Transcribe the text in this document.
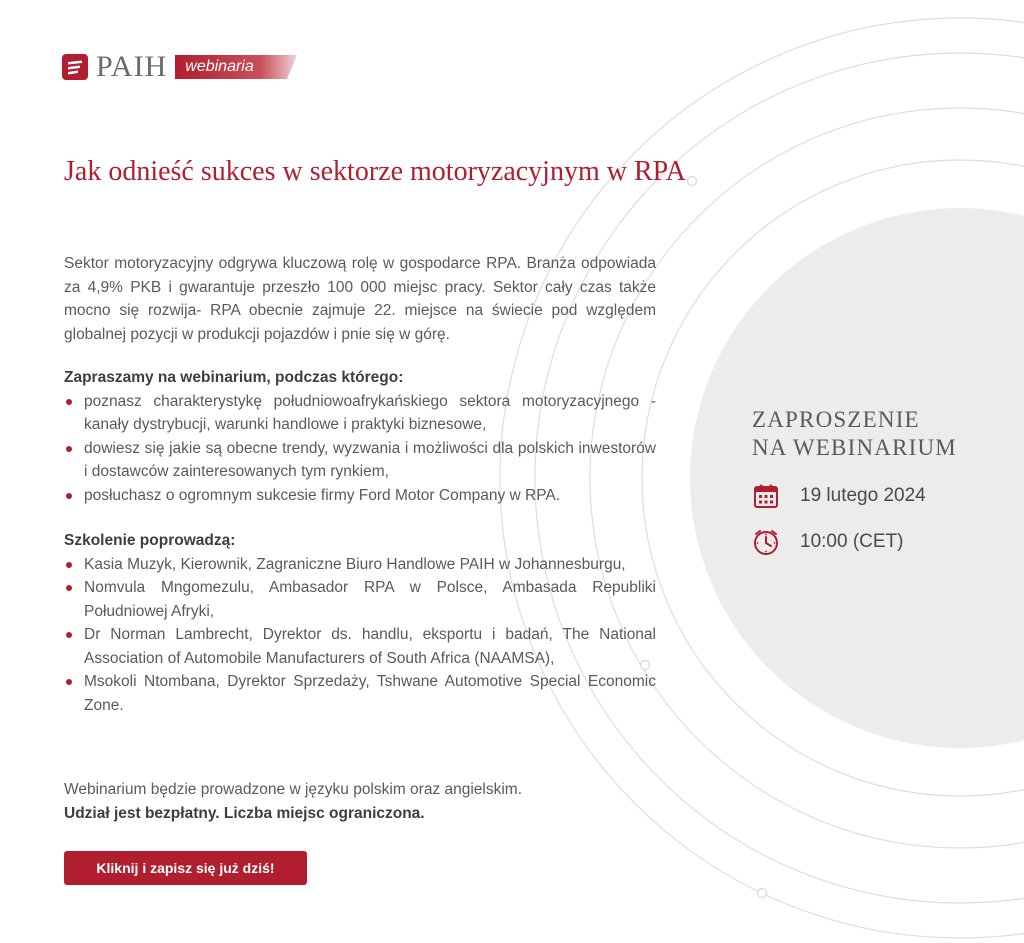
PAIH	webinaria
Jak odnieść sukces w sektorze motoryzacyjnym w RPA

Sektor motoryzacyjny odgrywa kluczową rolę w gospodarce RPA. Branża odpowiada za 4,9% PKB i gwarantuje przeszło 100 000 miejsc pracy. Sektor cały czas także mocno się rozwija- RPA obecnie zajmuje 22. miejsce na świecie pod względem globalnej pozycji w produkcji pojazdów i pnie się w górę.

Zapraszamy na webinarium, podczas którego:

poznasz charakterystykę południowoafrykańskiego sektora motoryzacyjnego - kanały dystrybucji, warunki handlowe i praktyki biznesowe,
dowiesz się jakie są obecne trendy, wyzwania i możliwości dla polskich inwestorów i dostawców zainteresowanych tym rynkiem,
posłuchasz o ogromnym sukcesie firmy Ford Motor Company w RPA.

Szkolenie poprowadzą:

Kasia Muzyk, Kierownik, Zagraniczne Biuro Handlowe PAIH w Johannesburgu,
Nomvula Mngomezulu, Ambasador RPA w Polsce, Ambasada Republiki Południowej Afryki,
Dr Norman Lambrecht, Dyrektor ds. handlu, eksportu i badań, The National Association of Automobile Manufacturers of South Africa (NAAMSA),
Msokoli Ntombana, Dyrektor Sprzedaży, Tshwane Automotive Special Economic Zone.
Webinarium będzie prowadzone w języku polskim oraz angielskim.
Udział jest bezpłatny. Liczba miejsc ograniczona.
Kliknij i zapisz się już dziś!
ZAPROSZENIE
NA WEBINARIUM
19 lutego 2024
10:00 (CET)
